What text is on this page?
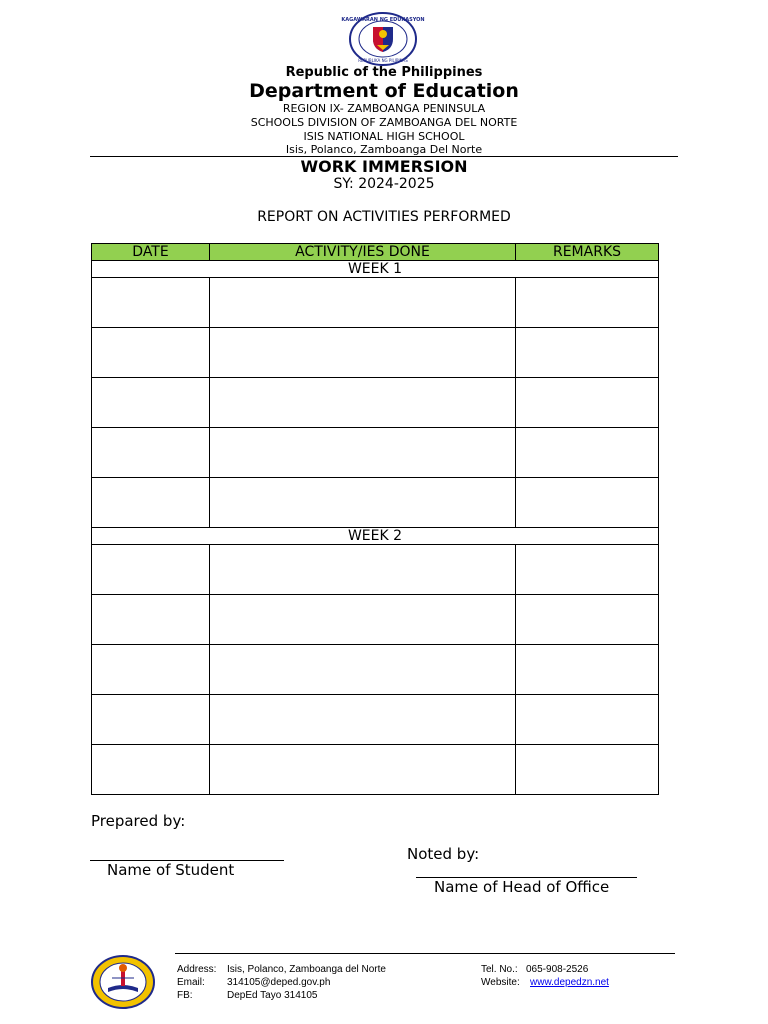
KAGAWARAN NG EDUKASYON
REPUBLIKA NG PILIPINAS
Republic of the Philippines
Department of Education
REGION IX- ZAMBOANGA PENINSULA
SCHOOLS DIVISION OF ZAMBOANGA DEL NORTE
ISIS NATIONAL HIGH SCHOOL
Isis, Polanco, Zamboanga Del Norte
WORK IMMERSION
SY: 2024-2025
REPORT ON ACTIVITIES PERFORMED
DATE	ACTIVITY/IES DONE	REMARKS
WEEK 1		

WEEK 2		

Prepared by:
Name of Student
Noted by:
Name of Head of Office
Address: Isis, Polanco, Zamboanga del Norte
Email: 314105@deped.gov.ph
FB:	DepEd Tayo 314105
Tel. No.: 065-908-2526
Website: www.depedzn.net
